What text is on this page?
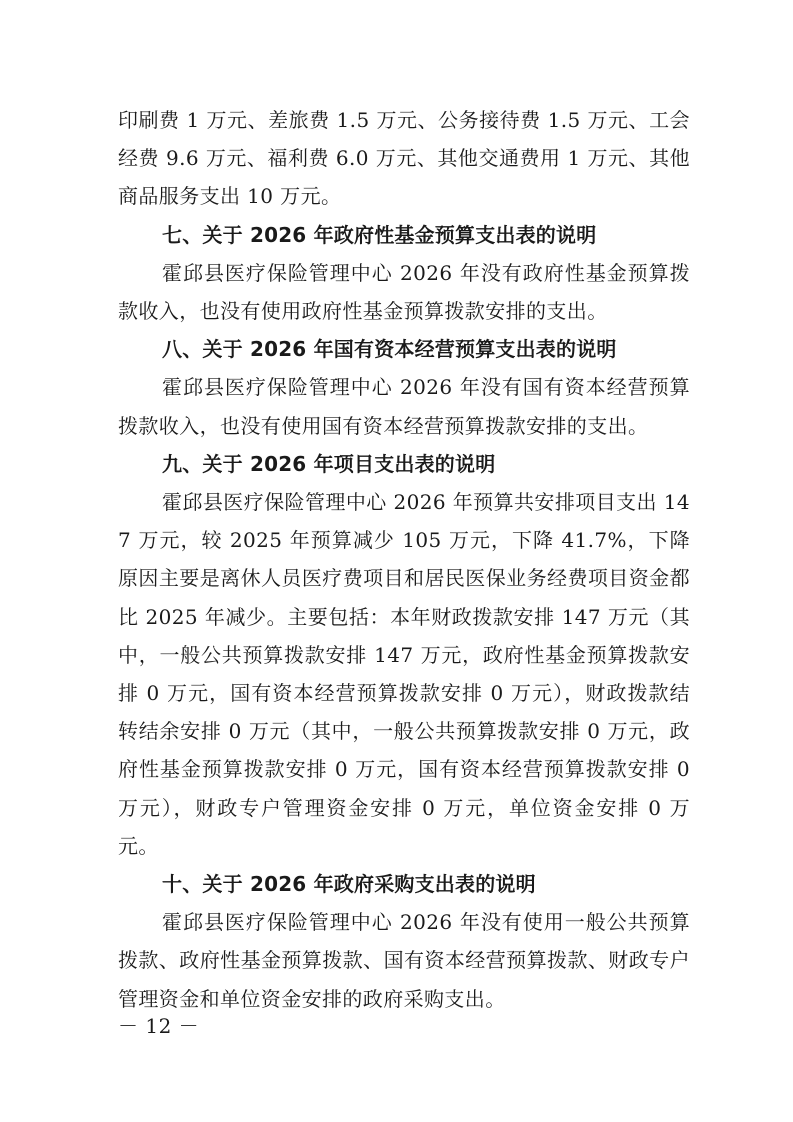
印刷费 1 万元、差旅费 1.5 万元、公务接待费 1.5 万元、工会经费 9.6 万元、福利费 6.0 万元、其他交通费用 1 万元、其他商品服务支出 10 万元。

七、关于 2026 年政府性基金预算支出表的说明

霍邱县医疗保险管理中心 2026 年没有政府性基金预算拨款收入，也没有使用政府性基金预算拨款安排的支出。

八、关于 2026 年国有资本经营预算支出表的说明

霍邱县医疗保险管理中心 2026 年没有国有资本经营预算拨款收入，也没有使用国有资本经营预算拨款安排的支出。

九、关于 2026 年项目支出表的说明

霍邱县医疗保险管理中心 2026 年预算共安排项目支出 147 万元，较 2025 年预算减少 105 万元，下降 41.7%，下降原因主要是离休人员医疗费项目和居民医保业务经费项目资金都比 2025 年减少。主要包括：本年财政拨款安排 147 万元（其中，一般公共预算拨款安排 147 万元，政府性基金预算拨款安排 0 万元，国有资本经营预算拨款安排 0 万元），财政拨款结转结余安排 0 万元（其中，一般公共预算拨款安排 0 万元，政府性基金预算拨款安排 0 万元，国有资本经营预算拨款安排 0 万元），财政专户管理资金安排 0 万元，单位资金安排 0 万元。

十、关于 2026 年政府采购支出表的说明

霍邱县医疗保险管理中心 2026 年没有使用一般公共预算拨款、政府性基金预算拨款、国有资本经营预算拨款、财政专户管理资金和单位资金安排的政府采购支出。

－ 12 －
